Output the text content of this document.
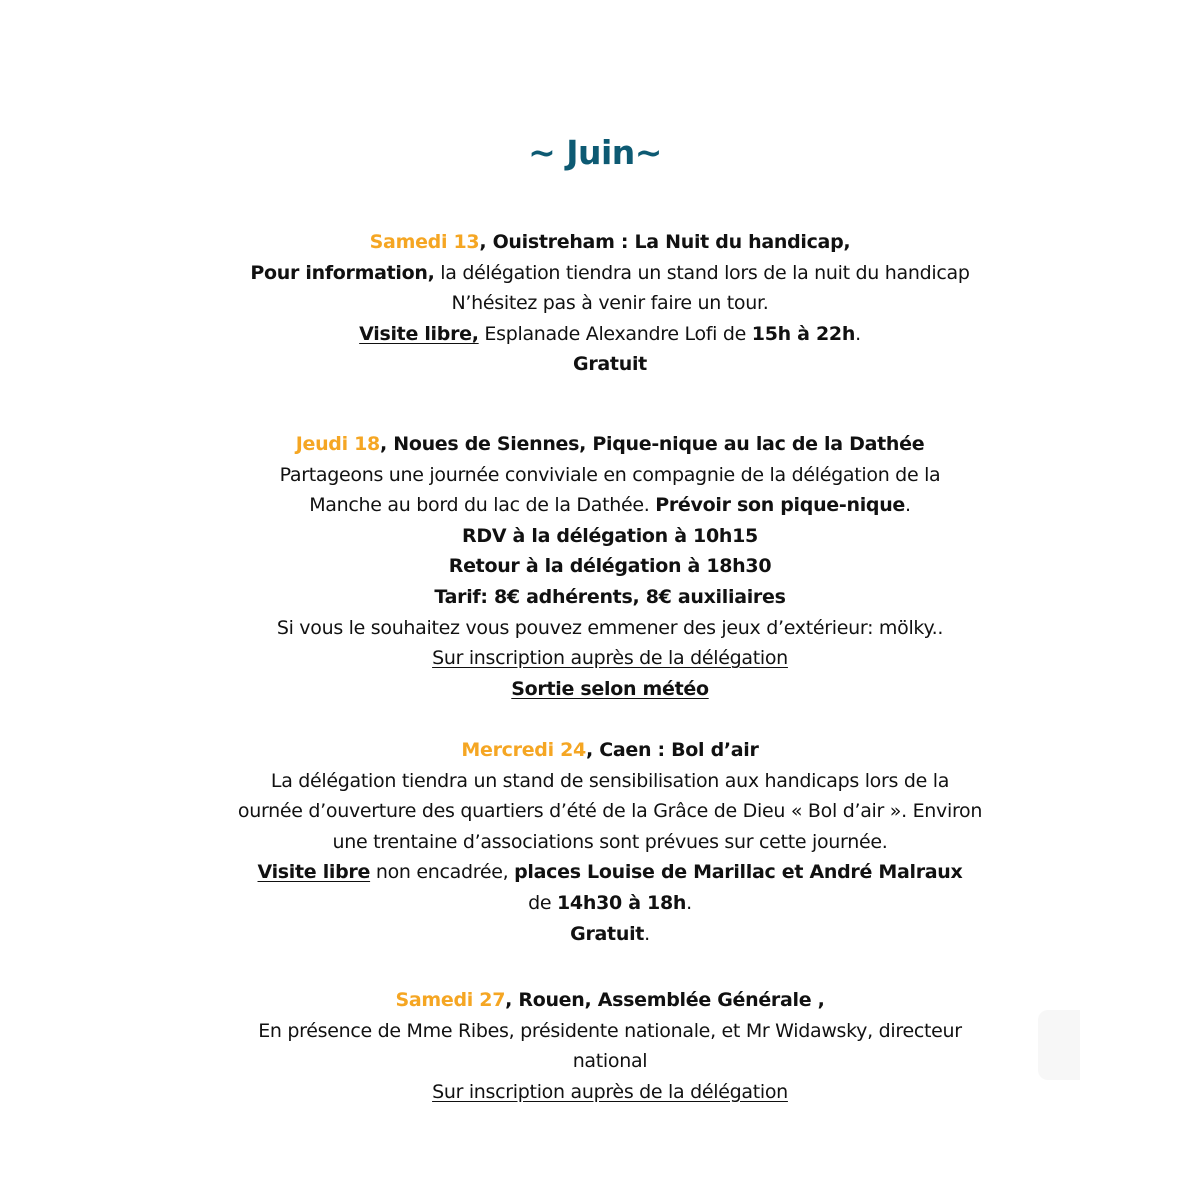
~ Juin~
Samedi 13, Ouistreham : La Nuit du handicap,
Pour information, la délégation tiendra un stand lors de la nuit du handicap
N’hésitez pas à venir faire un tour.
Visite libre, Esplanade Alexandre Lofi de 15h à 22h.
Gratuit
Jeudi 18, Noues de Siennes, Pique-nique au lac de la Dathée
Partageons une journée conviviale en compagnie de la délégation de la
Manche au bord du lac de la Dathée. Prévoir son pique-nique.
RDV à la délégation à 10h15
Retour à la délégation à 18h30
Tarif: 8€ adhérents, 8€ auxiliaires
Si vous le souhaitez vous pouvez emmener des jeux d’extérieur: mölky..
Sur inscription auprès de la délégation
Sortie selon météo
Mercredi 24, Caen : Bol d’air
La délégation tiendra un stand de sensibilisation aux handicaps lors de la
ournée d’ouverture des quartiers d’été de la Grâce de Dieu « Bol d’air ». Environ
une trentaine d’associations sont prévues sur cette journée.
Visite libre non encadrée, places Louise de Marillac et André Malraux
de 14h30 à 18h.
Gratuit.
Samedi 27, Rouen, Assemblée Générale ,
En présence de Mme Ribes, présidente nationale, et Mr Widawsky, directeur
national
Sur inscription auprès de la délégation
